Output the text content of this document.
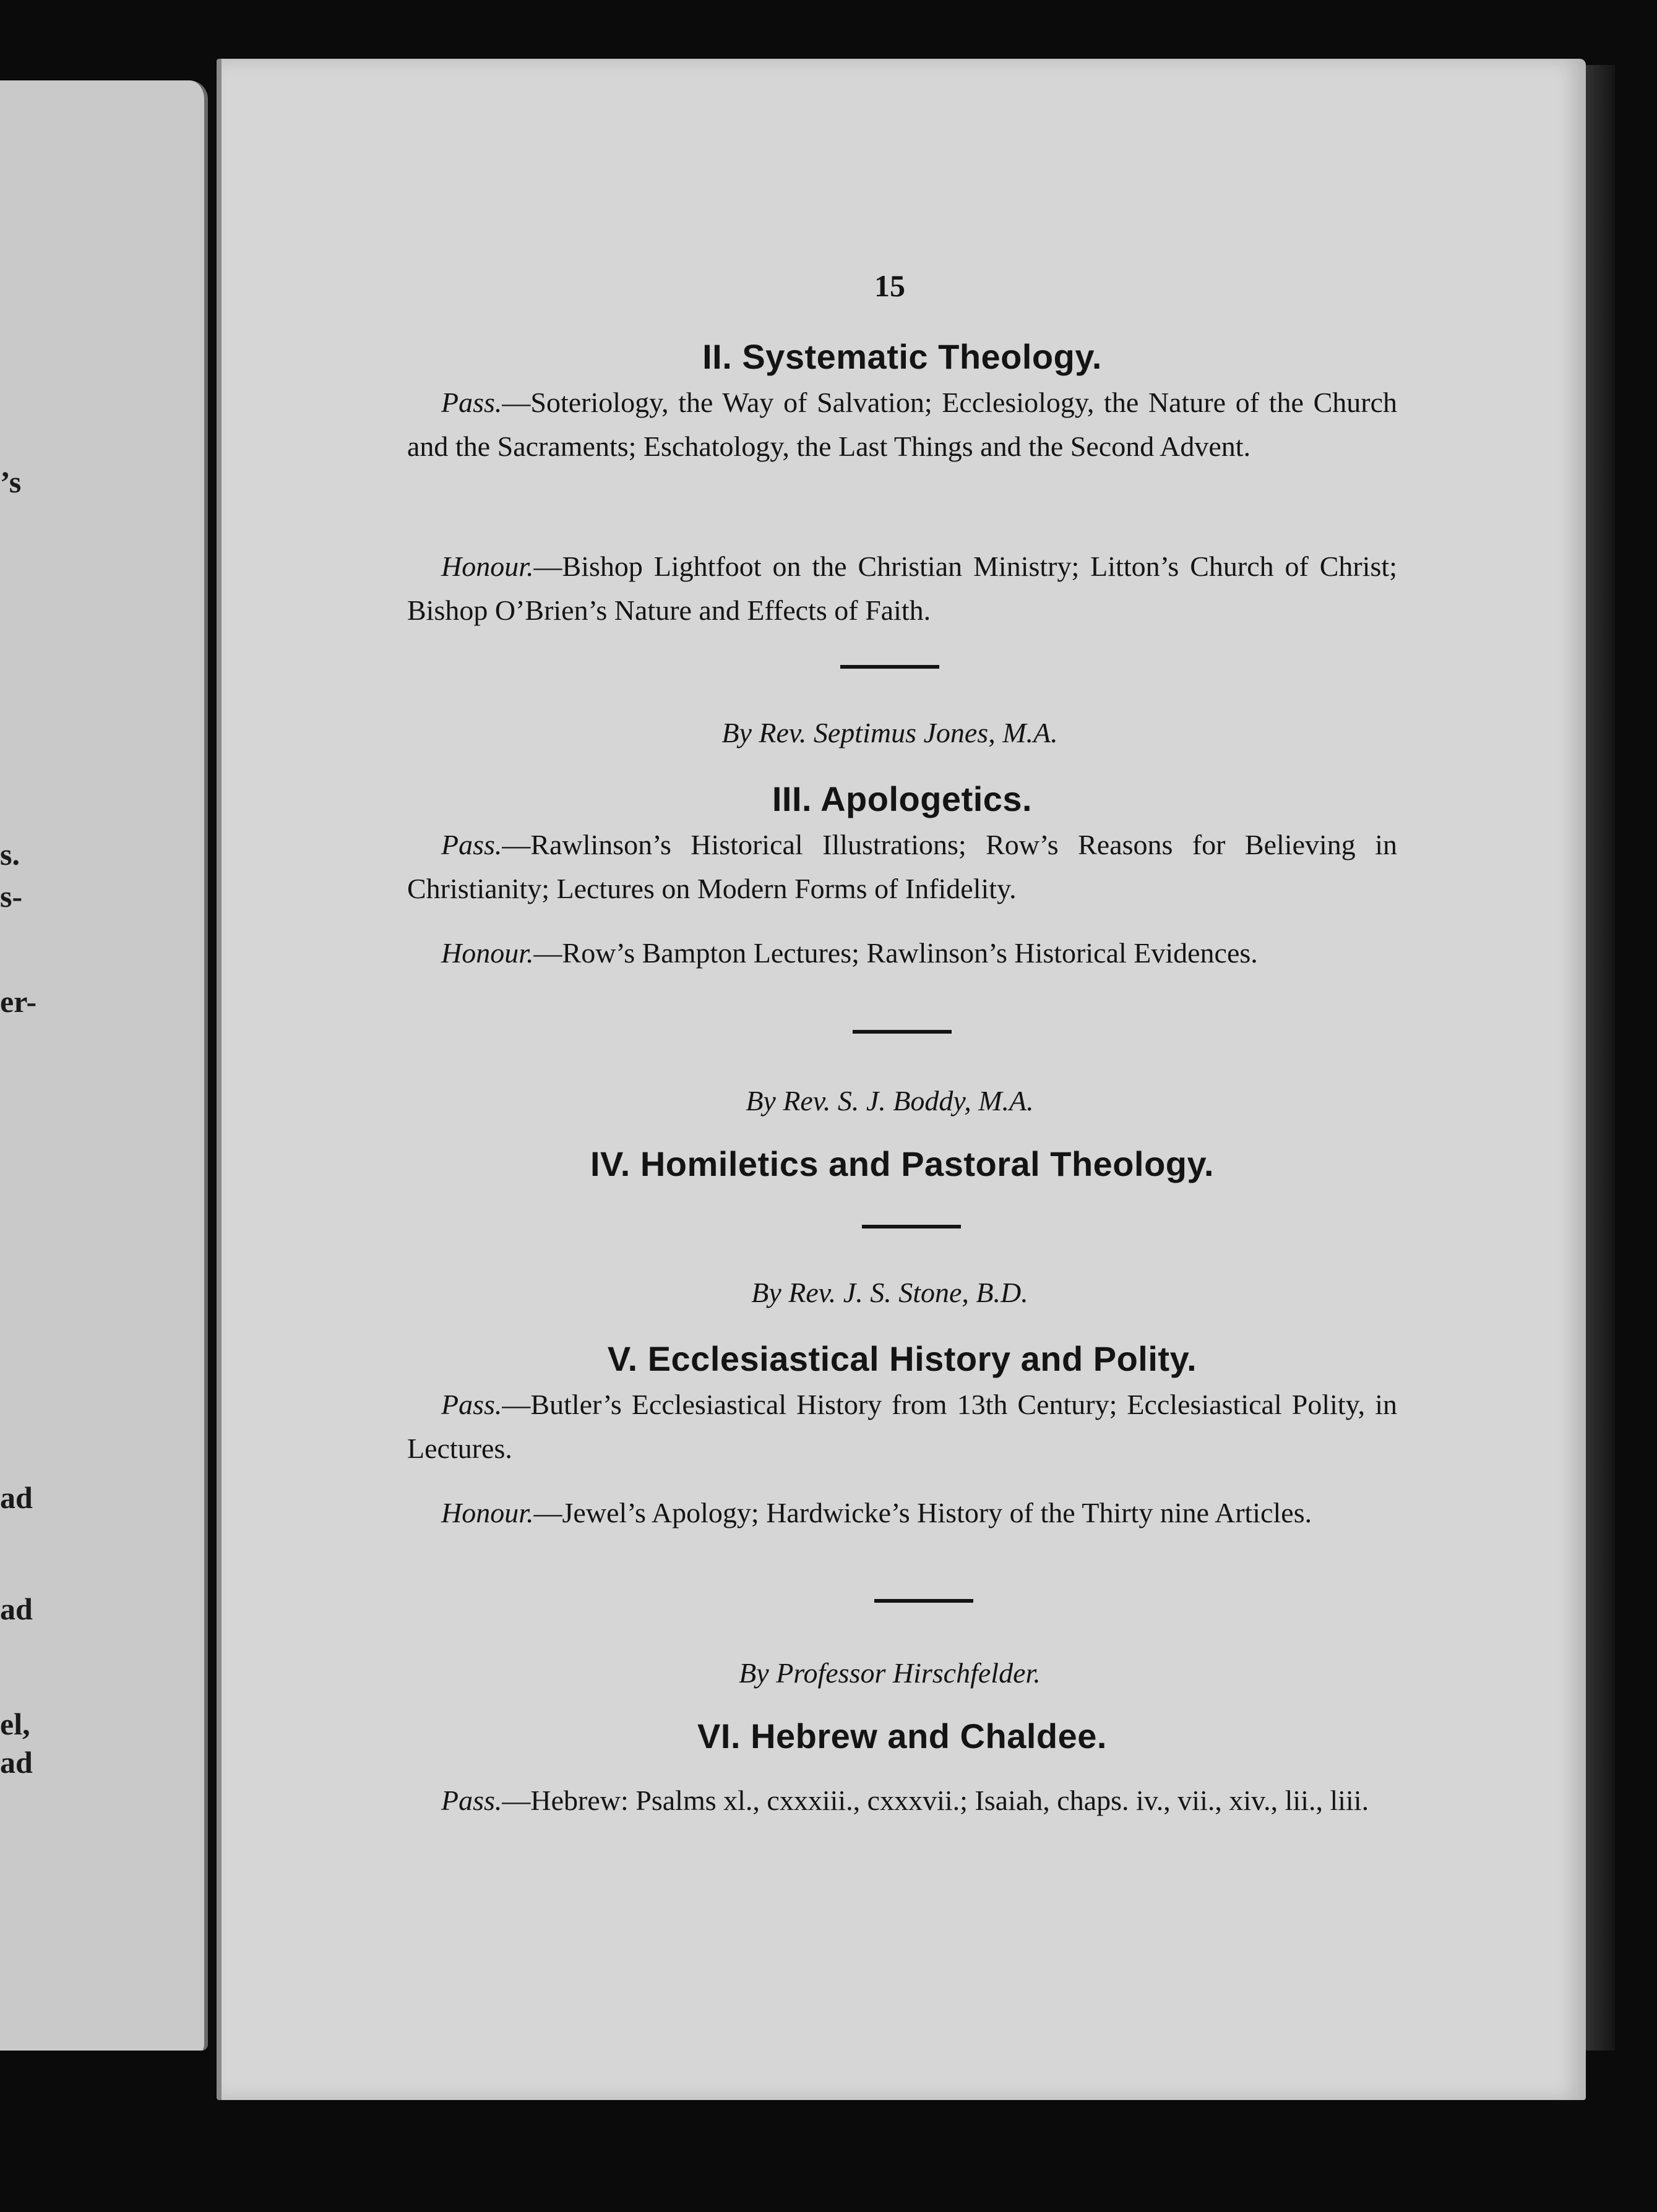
’s
s.
s-
er-
ad
ad
el,
ad
15
II. Systematic Theology.

Pass.—Soteriology, the Way of Salvation; Ecclesiology, the Nature of the Church and the Sacraments; Eschatology, the Last Things and the Second Advent.

Honour.—Bishop Lightfoot on the Christian Ministry; Litton’s Church of Christ; Bishop O’Brien’s Nature and Effects of Faith.

By Rev. Septimus Jones, M.A.
III. Apologetics.

Pass.—Rawlinson’s Historical Illustrations; Row’s Reasons for Believing in Christianity; Lectures on Modern Forms of Infidelity.

Honour.—Row’s Bampton Lectures; Rawlinson’s Historical Evidences.

By Rev. S. J. Boddy, M.A.
IV. Homiletics and Pastoral Theology.
By Rev. J. S. Stone, B.D.
V. Ecclesiastical History and Polity.

Pass.—Butler’s Ecclesiastical History from 13th Century; Ecclesiastical Polity, in Lectures.

Honour.—Jewel’s Apology; Hardwicke’s History of the Thirty nine Articles.

By Professor Hirschfelder.
VI. Hebrew and Chaldee.

Pass.—Hebrew: Psalms xl., cxxxiii., cxxxvii.; Isaiah, chaps. iv., vii., xiv., lii., liii.
